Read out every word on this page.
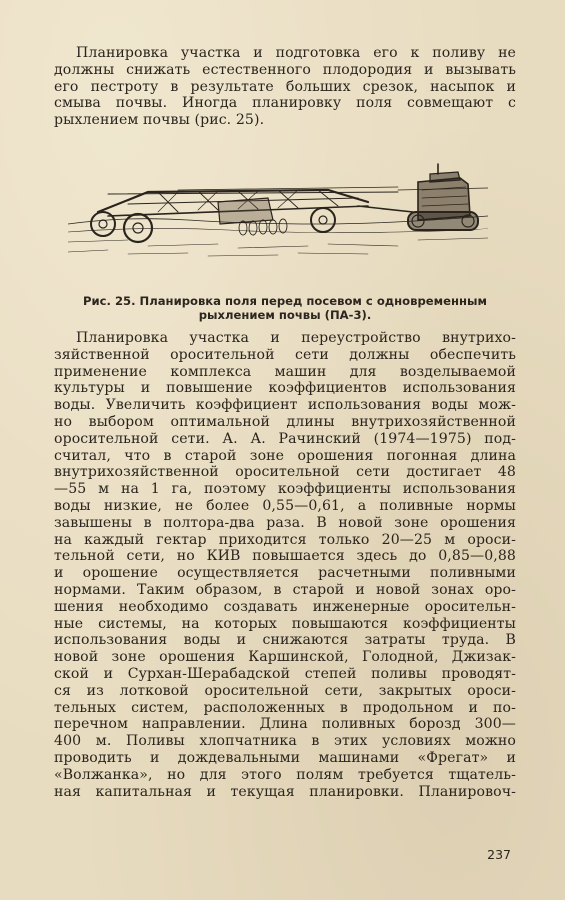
Планировка участка и подготовка его к поливу не
должны снижать естественного плодородия и вызывать
его пестроту в результате больших срезок, насыпок и
смыва почвы. Иногда планировку поля совмещают с
рыхлением почвы (рис. 25).

Рис. 25. Планировка поля перед посевом с одновременным
рыхлением почвы (ПА-3).

Планировка участка и переустройство внутрихо-
зяйственной оросительной сети должны обеспечить
применение комплекса машин для возделываемой
культуры и повышение коэффициентов использования
воды. Увеличить коэффициент использования воды мож-
но выбором оптимальной длины внутрихозяйственной
оросительной сети. А. А. Рачинский (1974—1975) под-
считал, что в старой зоне орошения погонная длина
внутрихозяйственной оросительной сети достигает 48
—55 м на 1 га, поэтому коэффициенты использования
воды низкие, не более 0,55—0,61, а поливные нормы
завышены в полтора-два раза. В новой зоне орошения
на каждый гектар приходится только 20—25 м ороси-
тельной сети, но КИВ повышается здесь до 0,85—0,88
и орошение осуществляется расчетными поливными
нормами. Таким образом, в старой и новой зонах оро-
шения необходимо создавать инженерные оросительн-
ные системы, на которых повышаются коэффициенты
использования воды и снижаются затраты труда. В
новой зоне орошения Каршинской, Голодной, Джизак-
ской и Сурхан-Шерабадской степей поливы проводят-
ся из лотковой оросительной сети, закрытых ороси-
тельных систем, расположенных в продольном и по-
перечном направлении. Длина поливных борозд 300—
400 м. Поливы хлопчатника в этих условиях можно
проводить и дождевальными машинами «Фрегат» и
«Волжанка», но для этого полям требуется тщатель-
ная капитальная и текущая планировки. Планировоч-
237
